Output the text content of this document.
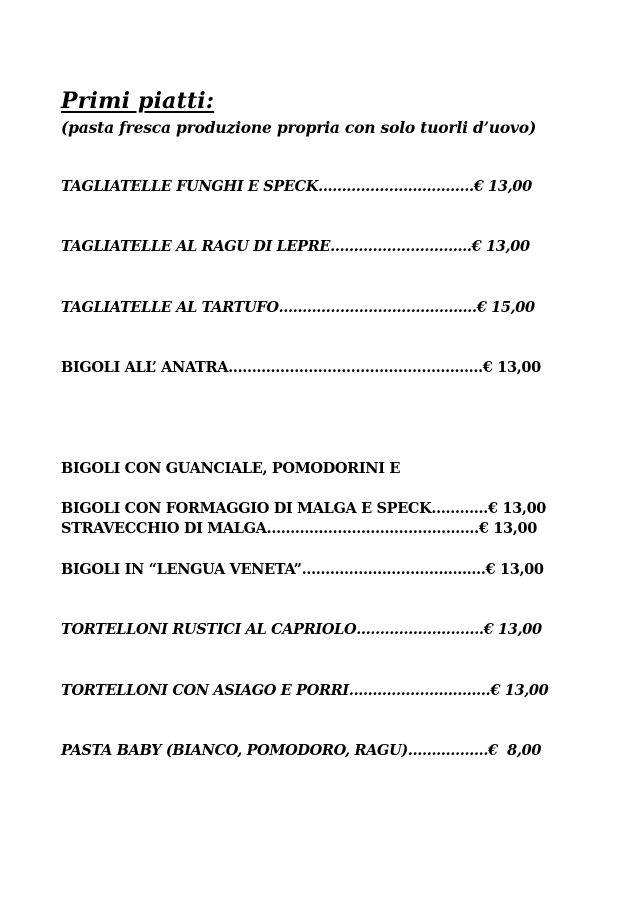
Primi piatti:

(pasta fresca produzione propria con solo tuorli d’uovo)

TAGLIATELLE FUNGHI E SPECK……………………………€ 13,00

TAGLIATELLE AL RAGU DI LEPRE…………………………€ 13,00

TAGLIATELLE AL TARTUFO……………………………………€ 15,00

BIGOLI ALL’ ANATRA………………………………………………€ 13,00

BIGOLI CON GUANCIALE, POMODORINI E

STRAVECCHIO DI MALGA………………………………………€ 13,00

BIGOLI CON FORMAGGIO DI MALGA E SPECK…………€ 13,00

BIGOLI IN “LENGUA VENETA”…………………………………€ 13,00

TORTELLONI RUSTICI AL CAPRIOLO………………………€ 13,00

TORTELLONI CON ASIAGO E PORRI…………………………€ 13,00

PASTA BABY (BIANCO, POMODORO, RAGU)……………..€  8,00
